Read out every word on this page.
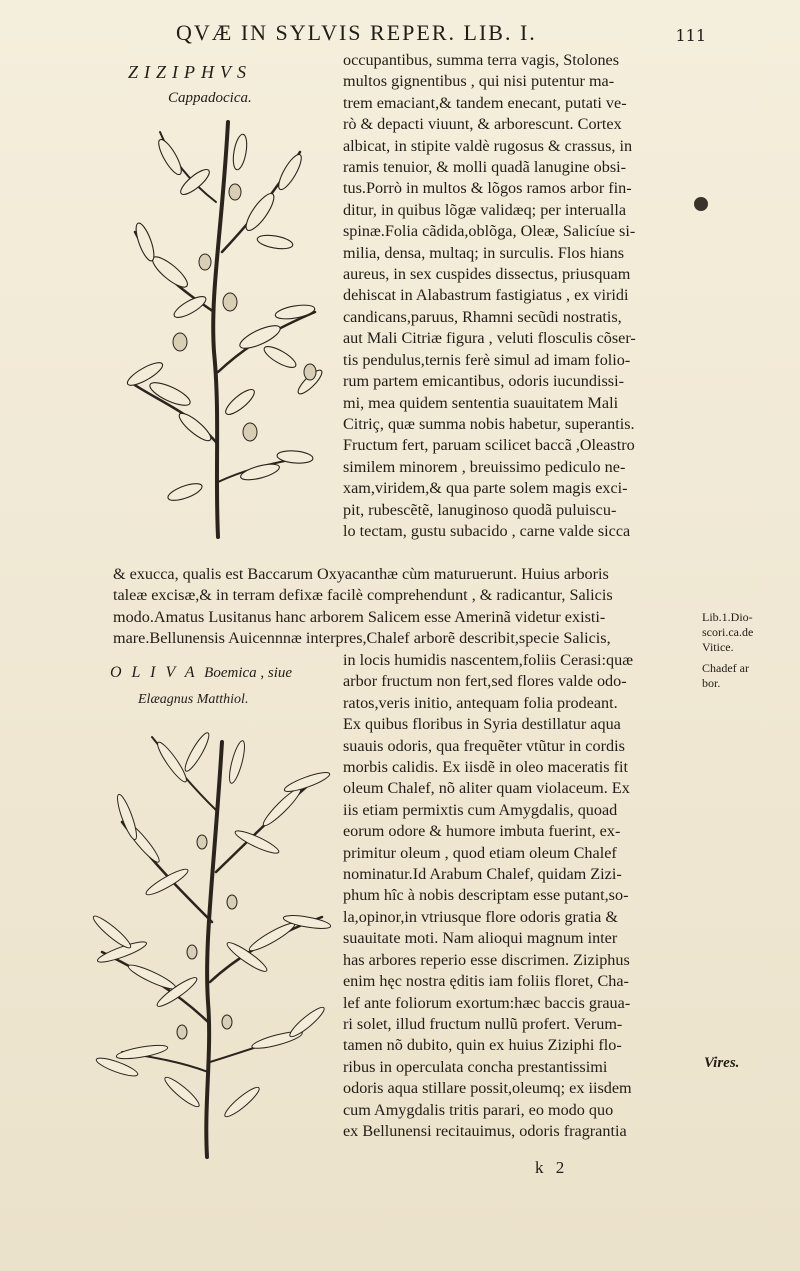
QVÆ IN SYLVIS REPER. LIB. I.	111
ZIZIPHVS
Cappadocica.
occupantibus, summa terra vagis, Stolones
multos gignentibus , qui nisi putentur ma-
trem emaciant,& tandem enecant, putati ve-
rò & depacti viuunt, & arborescunt. Cortex
albicat, in stipite valdè rugosus & crassus, in
ramis tenuior, & molli quadã lanugine obsi-
tus.Porrò in multos & lõgos ramos arbor fin-
ditur, in quibus lõgæ validæq; per interualla
spinæ.Folia cãdida,oblõga, Oleæ, Salicíue si-
milia, densa, multaq; in surculis. Flos hians
aureus, in sex cuspides dissectus, priusquam
dehiscat in Alabastrum fastigiatus , ex viridi
candicans,paruus, Rhamni secũdi nostratis,
aut Mali Citriæ figura , veluti flosculis cõser-
tis pendulus,ternis ferè simul ad imam folio-
rum partem emicantibus, odoris iucundissi-
mi, mea quidem sententia suauitatem Mali
Citriç, quæ summa nobis habetur, superantis.
Fructum fert, paruam scilicet baccã ,Oleastro
similem minorem , breuissimo pediculo ne-
xam,viridem,& qua parte solem magis exci-
pit, rubescẽtẽ, lanuginoso quodã puluiscu-
lo tectam, gustu subacido , carne valde sicca
& exucca, qualis est Baccarum Oxyacanthæ cùm maturuerunt. Huius arboris
taleæ excisæ,& in terram defixæ facilè comprehendunt , & radicantur, Salicis
modo.Amatus Lusitanus hanc arborem Salicem esse Amerinã videtur existi-
mare.Bellunensis Auicennnæ interpres,Chalef arborẽ describit,specie Salicis,
Lib.1.Dio-
scori.ca.de
Vitice.
Chadef ar
bor.
O L I V A Boemica , siue
Elæagnus Matthiol.
in locis humidis nascentem,foliis Cerasi:quæ
arbor fructum non fert,sed flores valde odo-
ratos,veris initio, antequam folia prodeant.
Ex quibus floribus in Syria destillatur aqua
suauis odoris, qua frequẽter vtũtur in cordis
morbis calidis. Ex iisdẽ in oleo maceratis fit
oleum Chalef, nõ aliter quam violaceum. Ex
iis etiam permixtis cum Amygdalis, quoad
eorum odore & humore imbuta fuerint, ex-
primitur oleum , quod etiam oleum Chalef
nominatur.Id Arabum Chalef, quidam Zizi-
phum hîc à nobis descriptam esse putant,so-
la,opinor,in vtriusque flore odoris gratia &
suauitate moti. Nam alioqui magnum inter
has arbores reperio esse discrimen. Ziziphus
enim hęc nostra ęditis iam foliis floret, Cha-
lef ante foliorum exortum:hæc baccis graua-
ri solet, illud fructum nullũ profert. Verum-
tamen nõ dubito, quin ex huius Ziziphi flo-
ribus in operculata concha prestantissimi
odoris aqua stillare possit,oleumq; ex iisdem
cum Amygdalis tritis parari, eo modo quo
ex Bellunensi recitauimus, odoris fragrantia
Vires.
k 2
